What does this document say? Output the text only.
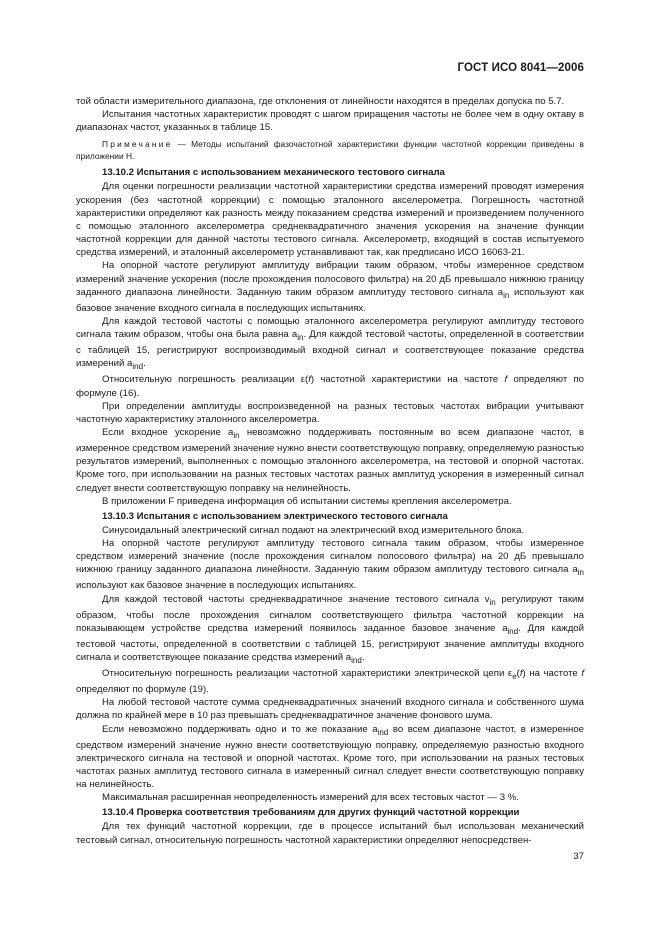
ГОСТ ИСО 8041—2006

той области измерительного диапазона, где отклонения от линейности находятся в пределах допуска по 5.7.

Испытания частотных характеристик проводят с шагом приращения частоты не более чем в одну октаву в диапазонах частот, указанных в таблице 15.

Примечание — Методы испытаний фазочастотной характеристики функции частотной коррекции приведены в приложении Н.

13.10.2 Испытания с использованием механического тестового сигнала

Для оценки погрешности реализации частотной характеристики средства измерений проводят измерения ускорения (без частотной коррекции) с помощью эталонного акселерометра. Погрешность частотной характеристики определяют как разность между показанием средства измерений и произведением полученного с помощью эталонного акселерометра среднеквадратичного значения ускорения на значение функции частотной коррекции для данной частоты тестового сигнала. Акселерометр, входящий в состав испытуемого средства измерений, и эталонный акселерометр устанавливают так, как предписано ИСО 16063-21.

На опорной частоте регулируют амплитуду вибрации таким образом, чтобы измеренное средством измерений значение ускорения (после прохождения полосового фильтра) на 20 дБ превышало нижнюю границу заданного диапазона линейности. Заданную таким образом амплитуду тестового сигнала $a_{in}$ используют как базовое значение входного сигнала в последующих испытаниях.

Для каждой тестовой частоты с помощью эталонного акселерометра регулируют амплитуду тестового сигнала таким образом, чтобы она была равна $a_{in}$. Для каждой тестовой частоты, определенной в соответствии с таблицей 15, регистрируют воспроизводимый входной сигнал и соответствующее показание средства измерений $a_{ind}$.

Относительную погрешность реализации ε(f) частотной характеристики на частоте f определяют по формуле (16).

При определении амплитуды воспроизведенной на разных тестовых частотах вибрации учитывают частотную характеристику эталонного акселерометра.

Если входное ускорение $a_{in}$ невозможно поддерживать постоянным во всем диапазоне частот, в измеренное средством измерений значение нужно внести соответствующую поправку, определяемую разностью результатов измерений, выполненных с помощью эталонного акселерометра, на тестовой и опорной частотах. Кроме того, при использовании на разных тестовых частотах разных амплитуд ускорения в измеренный сигнал следует внести соответствующую поправку на нелинейность.

В приложении F приведена информация об испытании системы крепления акселерометра.

13.10.3 Испытания с использованием электрического тестового сигнала

Синусоидальный электрический сигнал подают на электрический вход измерительного блока.

На опорной частоте регулируют амплитуду тестового сигнала таким образом, чтобы измеренное средством измерений значение (после прохождения сигналом полосового фильтра) на 20 дБ превышало нижнюю границу заданного диапазона линейности. Заданную таким образом амплитуду тестового сигнала $a_{in}$ используют как базовое значение в последующих испытаниях.

Для каждой тестовой частоты среднеквадратичное значение тестового сигнала $v_{in}$ регулируют таким образом, чтобы после прохождения сигналом соответствующего фильтра частотной коррекции на показывающем устройстве средства измерений появилось заданное базовое значение $a_{ind}$. Для каждой тестовой частоты, определенной в соответствии с таблицей 15, регистрируют значение амплитуды входного сигнала и соответствующее показание средства измерений $a_{ind}$.

Относительную погрешность реализации частотной характеристики электрической цепи $\varepsilon_e(f)$ на частоте f определяют по формуле (19).

На любой тестовой частоте сумма среднеквадратичных значений входного сигнала и собственного шума должна по крайней мере в 10 раз превышать среднеквадратичное значение фонового шума.

Если невозможно поддерживать одно и то же показание $a_{ind}$ во всем диапазоне частот, в измеренное средством измерений значение нужно внести соответствующую поправку, определяемую разностью входного электрического сигнала на тестовой и опорной частотах. Кроме того, при использовании на разных тестовых частотах разных амплитуд тестового сигнала в измеренный сигнал следует внести соответствующую поправку на нелинейность.

Максимальная расширенная неопределенность измерений для всех тестовых частот — 3 %.

13.10.4 Проверка соответствия требованиям для других функций частотной коррекции

Для тех функций частотной коррекции, где в процессе испытаний был использован механический тестовый сигнал, относительную погрешность частотной характеристики определяют непосредствен-

37
